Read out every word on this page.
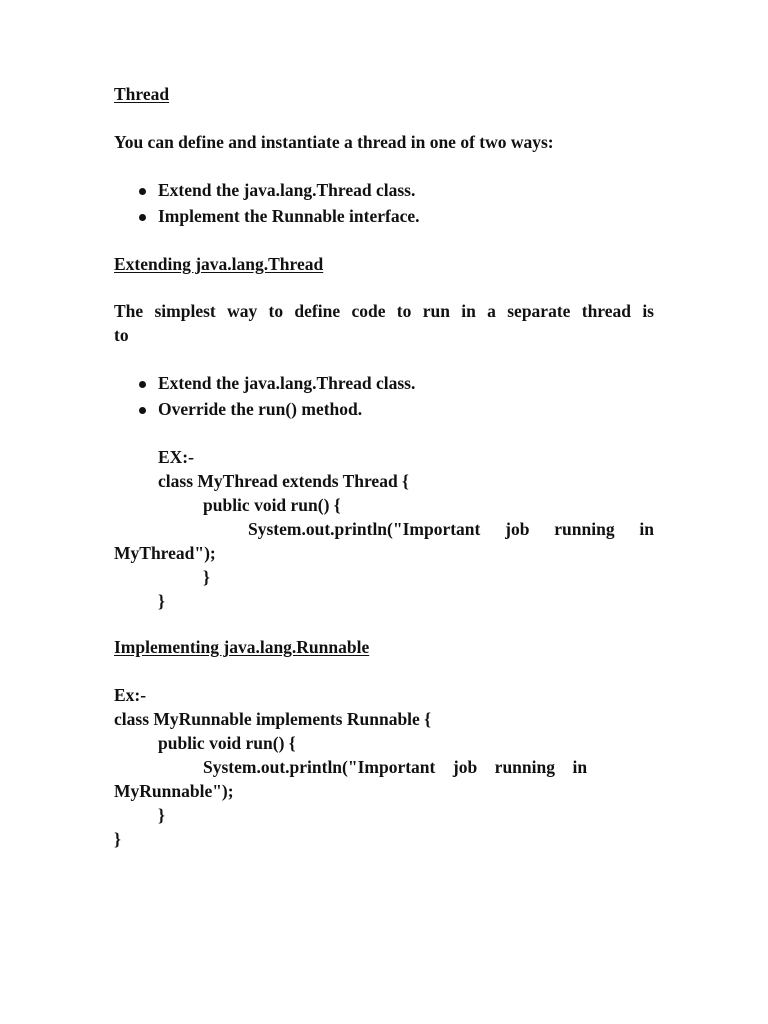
Thread
You can define and instantiate a thread in one of two ways:

Extend the java.lang.Thread class.

Implement the Runnable interface.

Extending java.lang.Thread
The simplest way to define code to run in a separate thread is
to

Extend the java.lang.Thread class.

Override the run() method.

EX:-
class MyThread extends Thread {
public void run() {
System.out.println("Important job running in
MyThread");
}
}
Implementing java.lang.Runnable
Ex:-
class MyRunnable implements Runnable {
public void run() {
System.out.println("Important    job    running    in
MyRunnable");
}
}
